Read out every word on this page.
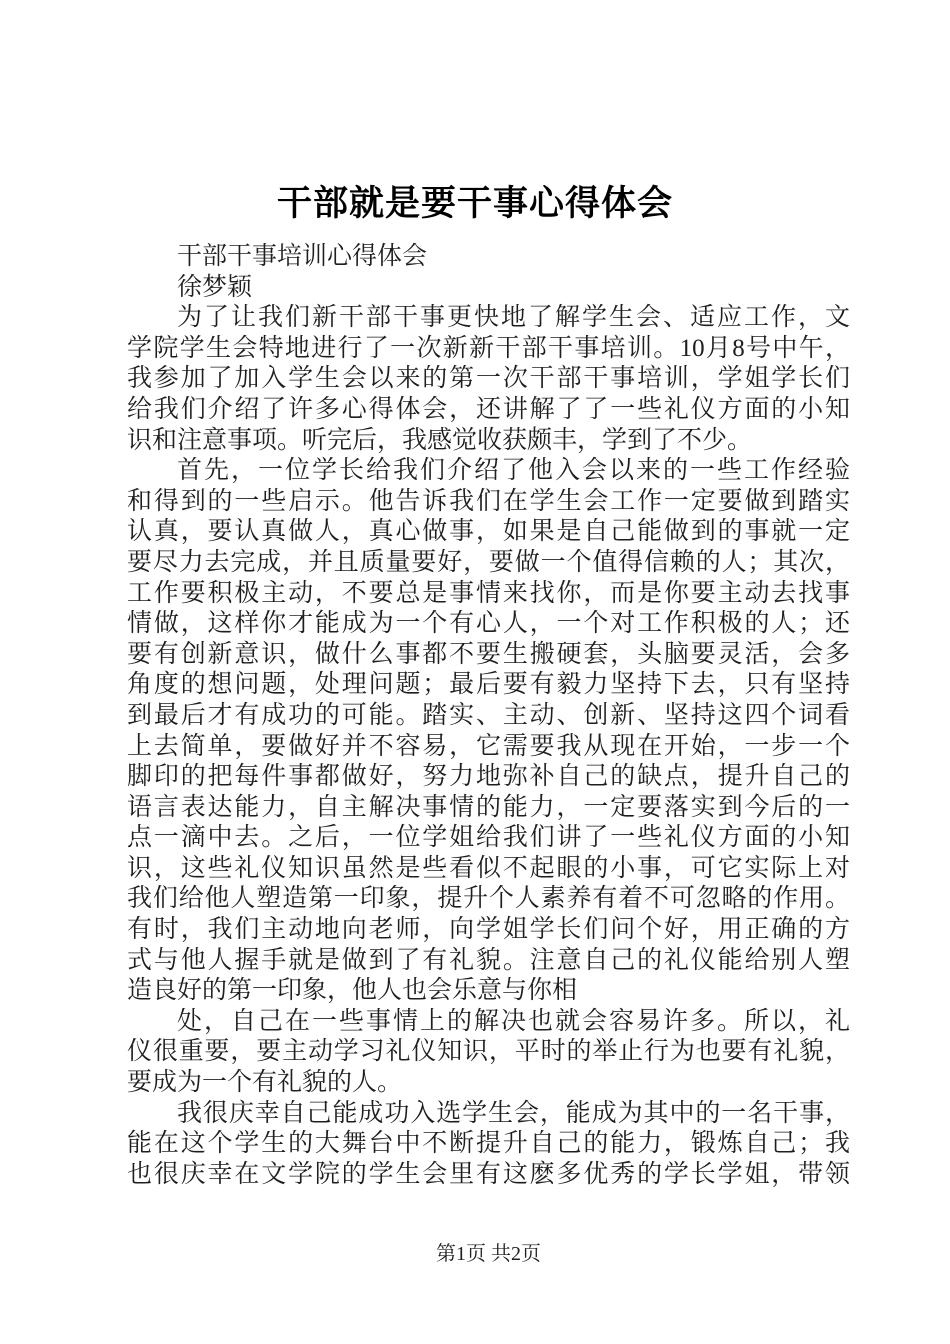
干部就是要干事心得体会
干部干事培训心得体会
徐梦颖
为了让我们新干部干事更快地了解学生会、适应工作，文
学院学生会特地进行了一次新新干部干事培训。10月8号中午，
我参加了加入学生会以来的第一次干部干事培训，学姐学长们
给我们介绍了许多心得体会，还讲解了了一些礼仪方面的小知
识和注意事项。听完后，我感觉收获颇丰，学到了不少。
首先，一位学长给我们介绍了他入会以来的一些工作经验
和得到的一些启示。他告诉我们在学生会工作一定要做到踏实
认真，要认真做人，真心做事，如果是自己能做到的事就一定
要尽力去完成，并且质量要好，要做一个值得信赖的人；其次，
工作要积极主动，不要总是事情来找你，而是你要主动去找事
情做，这样你才能成为一个有心人，一个对工作积极的人；还
要有创新意识，做什么事都不要生搬硬套，头脑要灵活，会多
角度的想问题，处理问题；最后要有毅力坚持下去，只有坚持
到最后才有成功的可能。踏实、主动、创新、坚持这四个词看
上去简单，要做好并不容易，它需要我从现在开始，一步一个
脚印的把每件事都做好，努力地弥补自己的缺点，提升自己的
语言表达能力，自主解决事情的能力，一定要落实到今后的一
点一滴中去。之后，一位学姐给我们讲了一些礼仪方面的小知
识，这些礼仪知识虽然是些看似不起眼的小事，可它实际上对
我们给他人塑造第一印象，提升个人素养有着不可忽略的作用。
有时，我们主动地向老师，向学姐学长们问个好，用正确的方
式与他人握手就是做到了有礼貌。注意自己的礼仪能给别人塑
造良好的第一印象，他人也会乐意与你相
处，自己在一些事情上的解决也就会容易许多。所以，礼
仪很重要，要主动学习礼仪知识，平时的举止行为也要有礼貌，
要成为一个有礼貌的人。
我很庆幸自己能成功入选学生会，能成为其中的一名干事，
能在这个学生的大舞台中不断提升自己的能力，锻炼自己；我
也很庆幸在文学院的学生会里有这麽多优秀的学长学姐，带领
第1页 共2页
